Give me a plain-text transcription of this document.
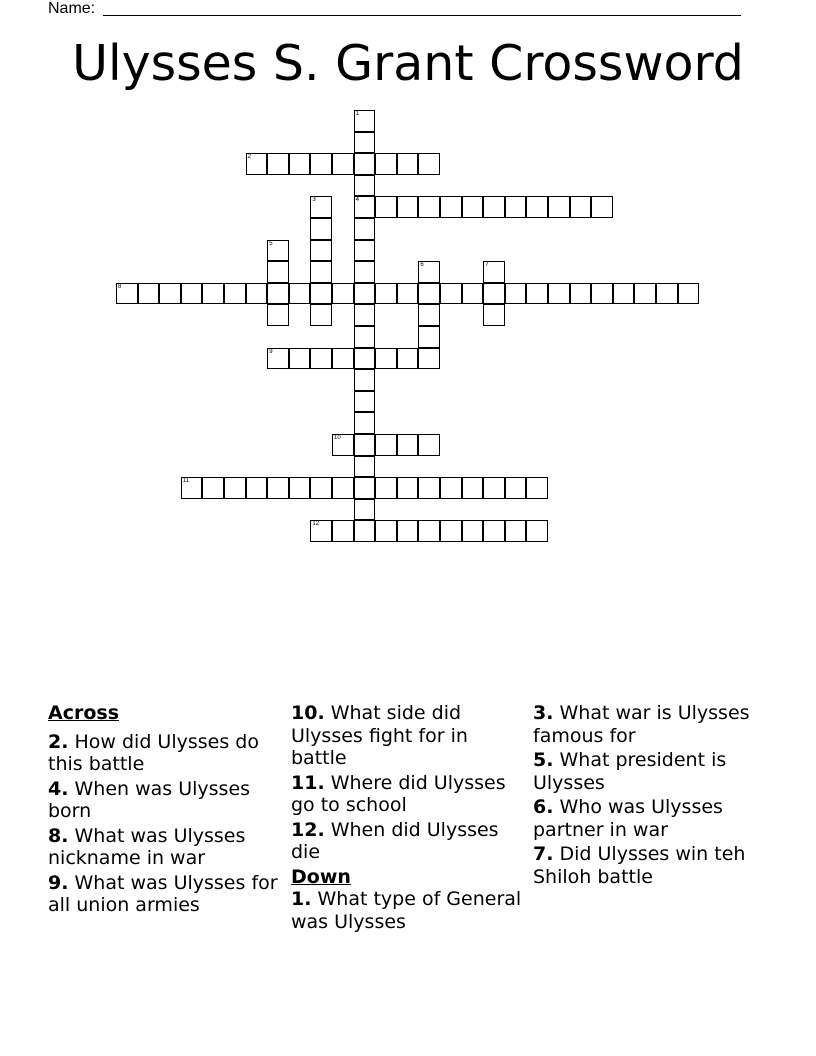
Name:
Ulysses S. Grant Crossword
1
4
2
3
5
6	7
8
9
10
11
12
Across
2. How did Ulysses do this battle
4. When was Ulysses born
8. What was Ulysses nickname in war
9. What was Ulysses for all union armies
10. What side did Ulysses fight for in battle
11. Where did Ulysses go to school
12. When did Ulysses die
Down
1. What type of General was Ulysses
3. What war is Ulysses famous for
5. What president is Ulysses
6. Who was Ulysses partner in war
7. Did Ulysses win teh Shiloh battle
